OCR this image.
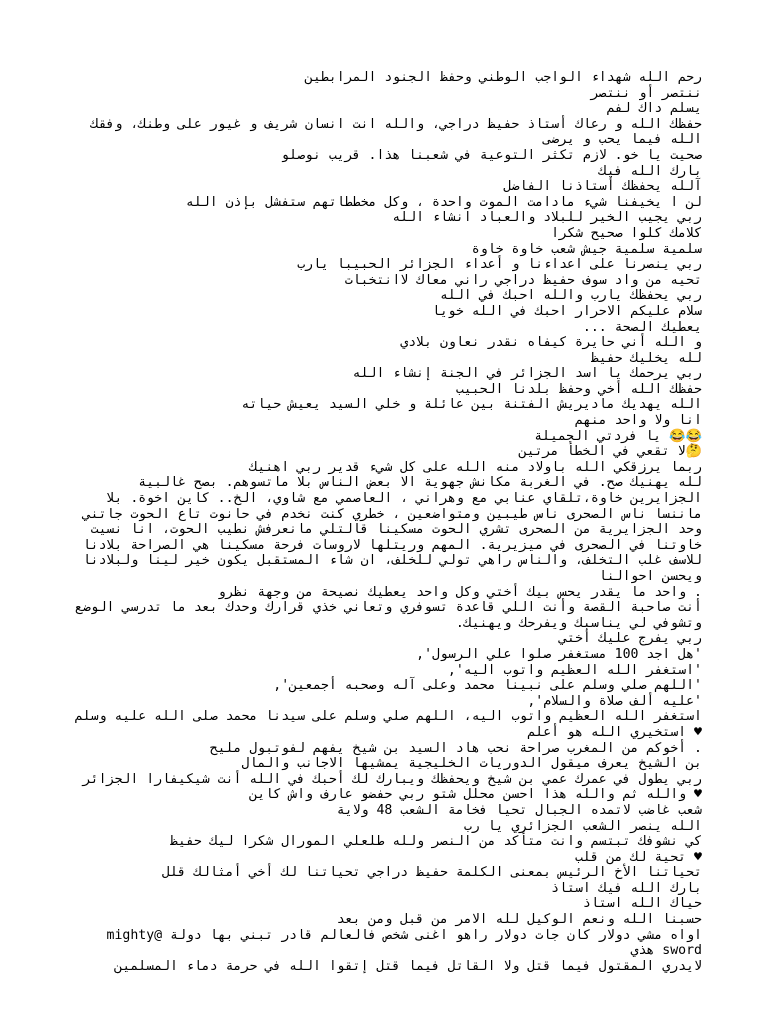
رحم الله شهداء الواجب الوطني وحفظ الجنود المرابطين
ننتصر أو ننتصر
يسلم داك لفم
حفظك الله و رعاك أستاذ حفيظ دراجي، والله انت انسان شريف و غيور على وطنك، وفقك الله فيما يحب و يرضى
صحيت يا خو. لازم تكثر التوعية في شعبنا هذا. قريب نوصلو
بارك الله فيك
آلله يحفظك أستاذنا الفاضل
لن ا يخيفنا شيء مادامت الموت واحدة ، وكل مخططاتهم ستفشل بإذن الله
ربي يجيب الخير للبلاد والعباد انشاء الله
كلامك كلوا صحيح شكرا
سلمية سلمية جيش شعب خاوة خاوة
ربي ينصرنا على اعداءنا و أعداء الجزائر الحبيبا يارب
تحيه من واد سوف حفيظ دراجي راني معاك لاانتخبات
ربي يحفظك يارب والله احبك في الله
سلام عليكم الاحرار احبك في الله خويا
يعطيك الصحة ...
و الله أني حايرة كيفاه نقدر نعاون بلادي
لله يخليك حفيظ
ربي يرحمك يا اسد الجزائر في الجنة إنشاء الله
حفظك الله أخي وحفظ بلدنا الحبيب
الله يهديك ماديريش الفتنة بين عائلة و خلي السيد يعيش حياته
انا ولا واحد منهم
😂😂 يا فردتي الجميلة
🤔لا تقعي في الخطأ مرتين
ربما يرزقكي الله باولاد منه الله على كل شيء قدير ربي اهنيك
لله يهنيك صح. في الغربة مكانش جهوية الا بعض الناس بلا ماتسوهم. بصح غالبية الجزايرين خاوة،تلقاي عنابي مع وهراني ، العاصمي مع شاوي، الخ.. كاين اخوة. بلا ماننسا ناس الصحرى ناس طيبين ومتواضعين ، خطري كنت نخدم في حانوت تاع الحوت جاتني وحد الجزايرية من الصحرى تشري الحوت مسكينا قالتلي مانعرفش نطيب الحوت، انا نسيت خاوتنا في الصحرى في ميزيرية. المهم وريتلها لاروسات فرحة مسكينا هي الصراحة بلادنا للاسف غلب التخلف، والناس راهي تولي للخلف، ان شاء المستقبل يكون خير لينا ولبلادنا ويحسن احوالنا
. واحد ما يقدر يحس بيك أختي وكل واحد يعطيك نصيحة من وجهة نظرو
أنت صاحبة القصة وأنت اللي قاعدة تسوفري وتعاني خذي قرارك وحدك بعد ما تدرسي الوضع وتشوفي لي يناسبك ويفرحك ويهنيك.
ربي يفرج عليك أختي
'هل اجد 100 مستغفر صلوا علي الرسول',
'استغفر الله العظيم واتوب اليه',
'اللهم صلي وسلم على نبينا محمد وعلى آله وصحبه أجمعين',
'عليه ألف صلاة والسلام',
استغفر الله العظيم واتوب اليه، اللهم صلي وسلم على سيدنا محمد صلى الله عليه وسلم
♥ استخيري الله هو أعلم
. أخوكم من المغرب صراحة نحب هاد السيد بن شيخ يفهم لفوتبول مليح
بن الشيخ يعرف ميقول الدوريات الخليجية يمشيها الاجانب والمال
ربي يطول في عمرك عمي بن شيخ ويحفظك ويبارك لك أحبك في الله أنت شيكيفارا الجزائر
♥ والله ثم والله هذا احسن محلل شتو ربي حفضو عارف واش كاين
شعب غاضب لاتمده الجبال تحيا فخامة الشعب 48 ولاية
الله ينصر الشعب الجزائري يا رب
كي نشوفك تبتسم وانت متأكد من النصر ولله طلعلي المورال شكرا ليك حفيظ
♥ تحية لك من قلب
تحياتنا الأخ الرئيس بمعنى الكلمة حفيظ دراجي تحياتنا لك أخي أمثالك قلل
بارك الله فيك استاذ
حياك الله استاذ
حسبنا الله ونعم الوكيل لله الامر من قبل ومن بعد
اواه مشي دولار كان جات دولار راهو اغنى شخص فالعالم قادر تبني بها دولة @mighty sword هذي
لايدري المقتول فيما قتل ولا القاتل فيما قتل إتقوا الله في حرمة دماء المسلمين
